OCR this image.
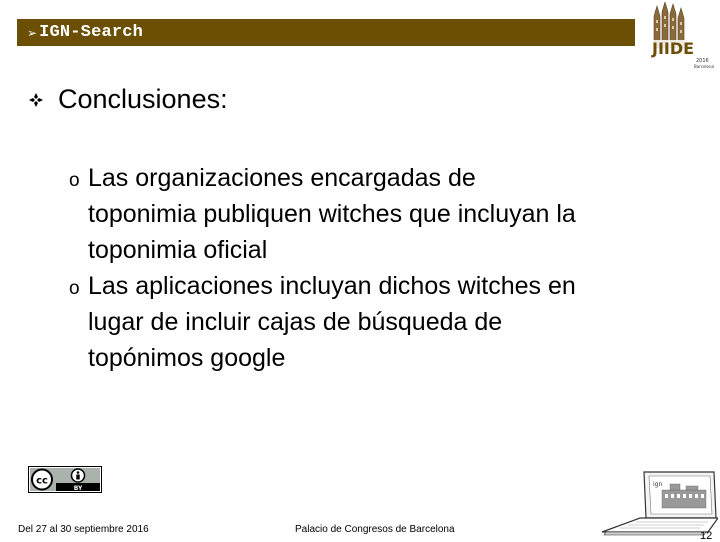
➢ IGN-Search
JIIDE
2016
Barcelona
Conclusiones:
o Las organizaciones encargadas de
toponimia publiquen witches que incluyan la
toponimia oficial
o Las aplicaciones incluyan dichos witches en
lugar de incluir cajas de búsqueda de
topónimos google
cc
BY
Del 27 al 30 septiembre 2016	Palacio de Congresos de Barcelona
ign
12
